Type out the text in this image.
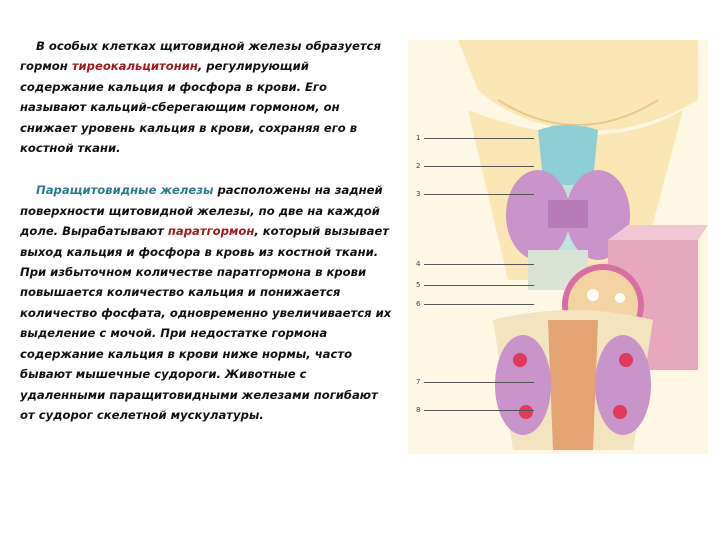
В особых клетках щитовидной железы образуется гормон тиреокальцитонин, регулирующий содержание кальция и фосфора в крови. Его называют кальций-сберегающим гормоном, он снижает уровень кальция в крови, сохраняя его в костной ткани.

Паращитовидные железы расположены на задней поверхности щитовидной железы, по две на каждой доле. Вырабатывают паратгормон, который вызывает выход кальция и фосфора в кровь из костной ткани. При избыточном количестве паратгормона в крови повышается количество кальция и понижается количество фосфата, одновременно увеличивается их выделение с мочой. При недостатке гормона содержание кальция в крови ниже нормы, часто бывают мышечные судороги. Животные с удаленными паращитовидными железами погибают от судорог скелетной мускулатуры.

1
2
3
4
5
6
7
8
